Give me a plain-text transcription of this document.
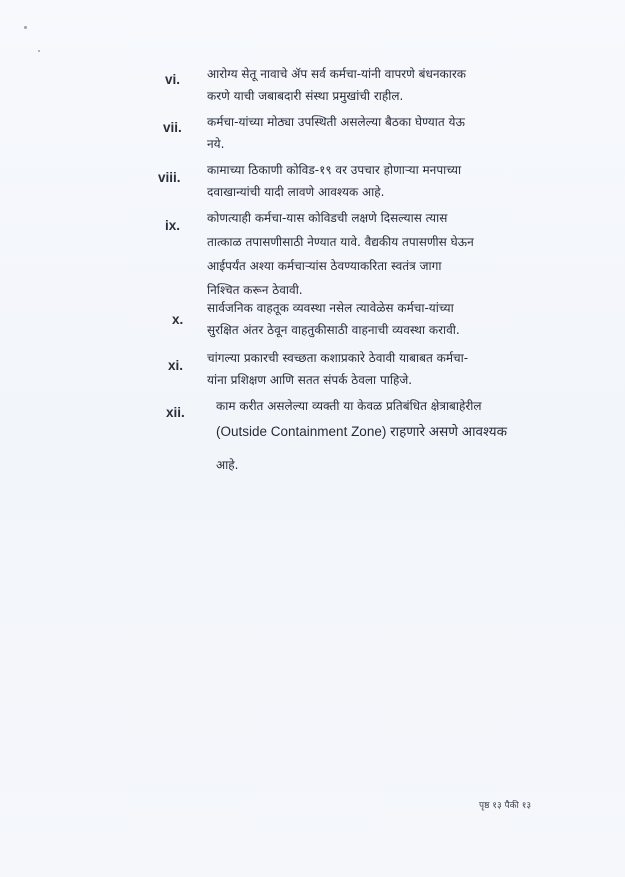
vi. आरोग्य सेतू नावाचे ॲप सर्व कर्मचा-यांनी वापरणे बंधनकारक
करणे याची जबाबदारी संस्था प्रमुखांची राहील.
vii. कर्मचा-यांच्या मोठ्या उपस्थिती असलेल्या बैठका घेण्यात येऊ
नये.
viii. कामाच्या ठिकाणी कोविड-१९ वर उपचार होणाऱ्या मनपाच्या
दवाखान्यांची यादी लावणे आवश्यक आहे.
ix. कोणत्याही कर्मचा-यास कोविडची लक्षणे दिसल्यास त्यास
तात्काळ तपासणीसाठी नेण्यात यावे. वैद्यकीय तपासणीस घेऊन
आईपर्यंत अश्या कर्मचाऱ्यांस ठेवण्याकरिता स्वतंत्र जागा
निश्चित करून ठेवावी.
x.
सार्वजनिक वाहतूक व्यवस्था नसेल त्यावेळेस कर्मचा-यांच्या
सुरक्षित अंतर ठेवून वाहतुकीसाठी वाहनाची व्यवस्था करावी.
xi. चांगल्या प्रकारची स्वच्छता कशाप्रकारे ठेवावी याबाबत कर्मचा-
यांना प्रशिक्षण आणि सतत संपर्क ठेवला पाहिजे.
xii.	काम करीत असलेल्या व्यक्ती या केवळ प्रतिबंधित क्षेत्राबाहेरील
(Outside Containment Zone) राहणारे असणे आवश्यक
आहे.
पृष्ठ १३ पैकी १३
